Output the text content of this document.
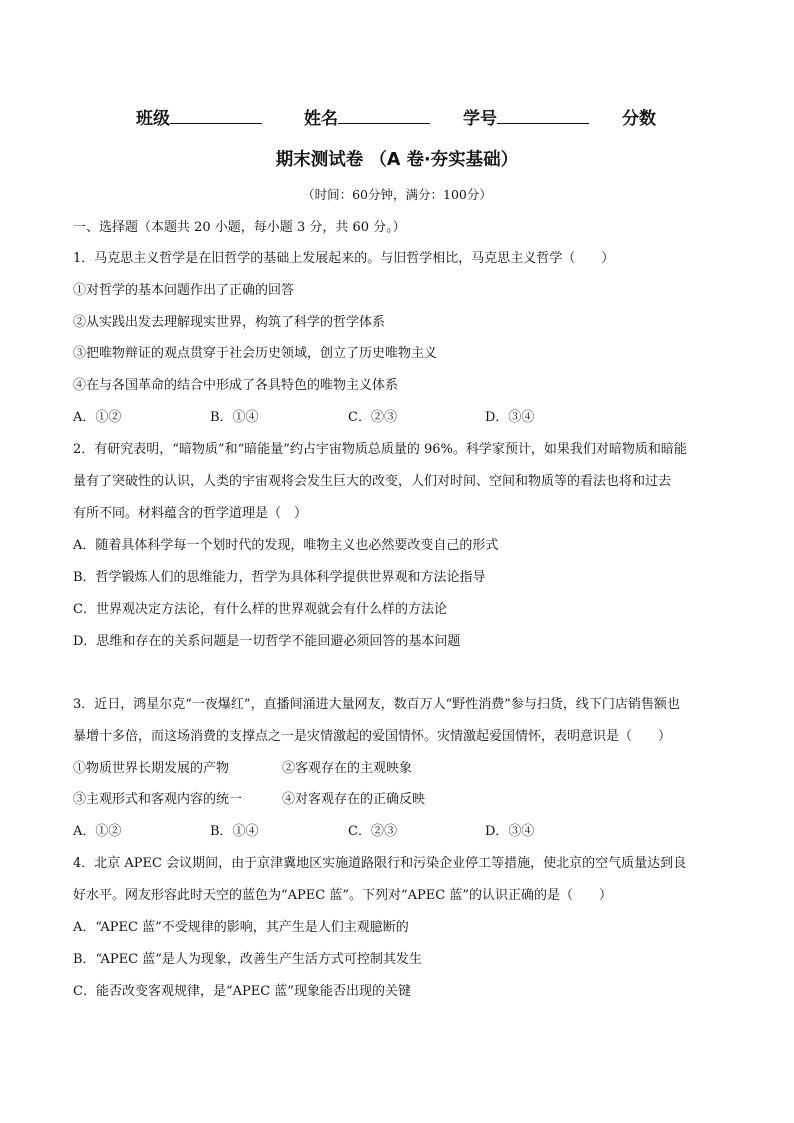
班级	姓名	学号	分数
期末测试卷 （A 卷·夯实基础）
（时间：60分钟，满分：100分）
一、选择题（本题共 20 小题，每小题 3 分，共 60 分。）
1．马克思主义哲学是在旧哲学的基础上发展起来的。与旧哲学相比，马克思主义哲学（　　）
①对哲学的基本问题作出了正确的回答
②从实践出发去理解现实世界，构筑了科学的哲学体系
③把唯物辩证的观点贯穿于社会历史领域，创立了历史唯物主义
④在与各国革命的结合中形成了各具特色的唯物主义体系
A．①②	B．①④	C．②③	D．③④
2．有研究表明，“暗物质”和“暗能量”约占宇宙物质总质量的 96%。科学家预计，如果我们对暗物质和暗能
量有了突破性的认识，人类的宇宙观将会发生巨大的改变，人们对时间、空间和物质等的看法也将和过去
有所不同。材料蕴含的哲学道理是（　）
A．随着具体科学每一个划时代的发现，唯物主义也必然要改变自己的形式
B．哲学锻炼人们的思维能力，哲学为具体科学提供世界观和方法论指导
C．世界观决定方法论，有什么样的世界观就会有什么样的方法论
D．思维和存在的关系问题是一切哲学不能回避必须回答的基本问题
3．近日，鸿星尔克“一夜爆红”，直播间涌进大量网友，数百万人“野性消费”参与扫货，线下门店销售额也
暴增十多倍，而这场消费的支撑点之一是灾情激起的爱国情怀。灾情激起爱国情怀，表明意识是（　　）
①物质世界长期发展的产物	②客观存在的主观映象
③主观形式和客观内容的统一	④对客观存在的正确反映
A．①②	B．①④	C．②③	D．③④
4．北京 APEC 会议期间，由于京津冀地区实施道路限行和污染企业停工等措施，使北京的空气质量达到良
好水平。网友形容此时天空的蓝色为“APEC 蓝”。下列对“APEC 蓝”的认识正确的是（　　）
A．“APEC 蓝”不受规律的影响，其产生是人们主观臆断的
B．“APEC 蓝”是人为现象，改善生产生活方式可控制其发生
C．能否改变客观规律，是“APEC 蓝”现象能否出现的关键
